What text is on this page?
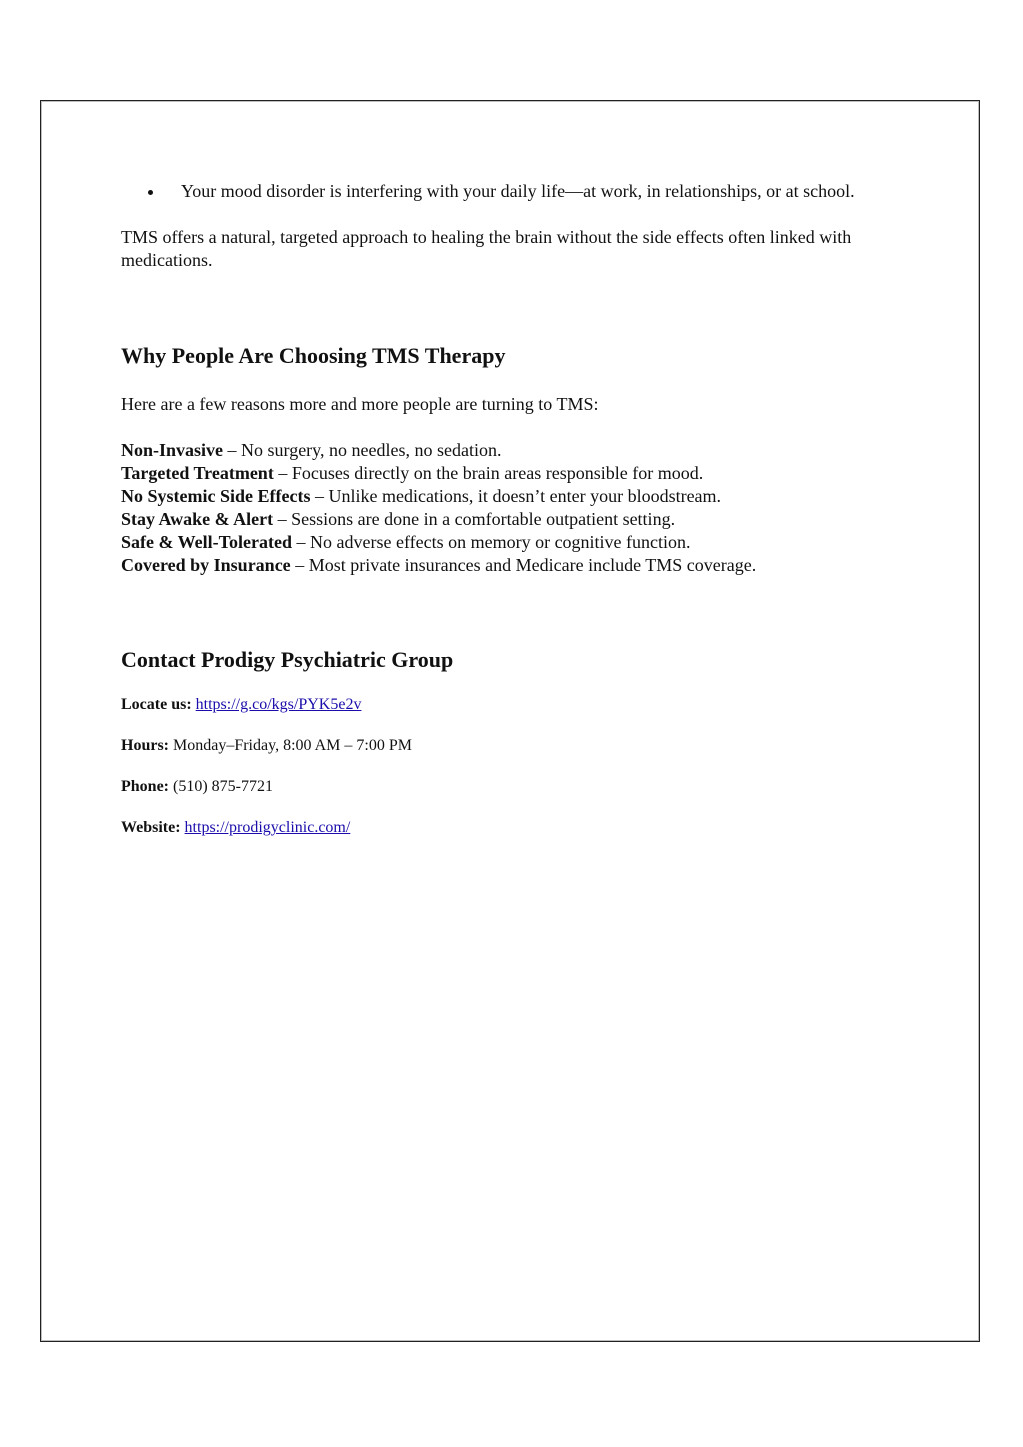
Your mood disorder is interfering with your daily life—at work, in relationships, or at school.

TMS offers a natural, targeted approach to healing the brain without the side effects often linked with medications.

Why People Are Choosing TMS Therapy

Here are a few reasons more and more people are turning to TMS:

Non-Invasive – No surgery, no needles, no sedation.
Targeted Treatment – Focuses directly on the brain areas responsible for mood.
No Systemic Side Effects – Unlike medications, it doesn’t enter your bloodstream.
Stay Awake & Alert – Sessions are done in a comfortable outpatient setting.
Safe & Well-Tolerated – No adverse effects on memory or cognitive function.
Covered by Insurance – Most private insurances and Medicare include TMS coverage.
Contact Prodigy Psychiatric Group

Locate us: https://g.co/kgs/PYK5e2v

Hours: Monday–Friday, 8:00 AM – 7:00 PM

Phone: (510) 875-7721

Website: https://prodigyclinic.com/
